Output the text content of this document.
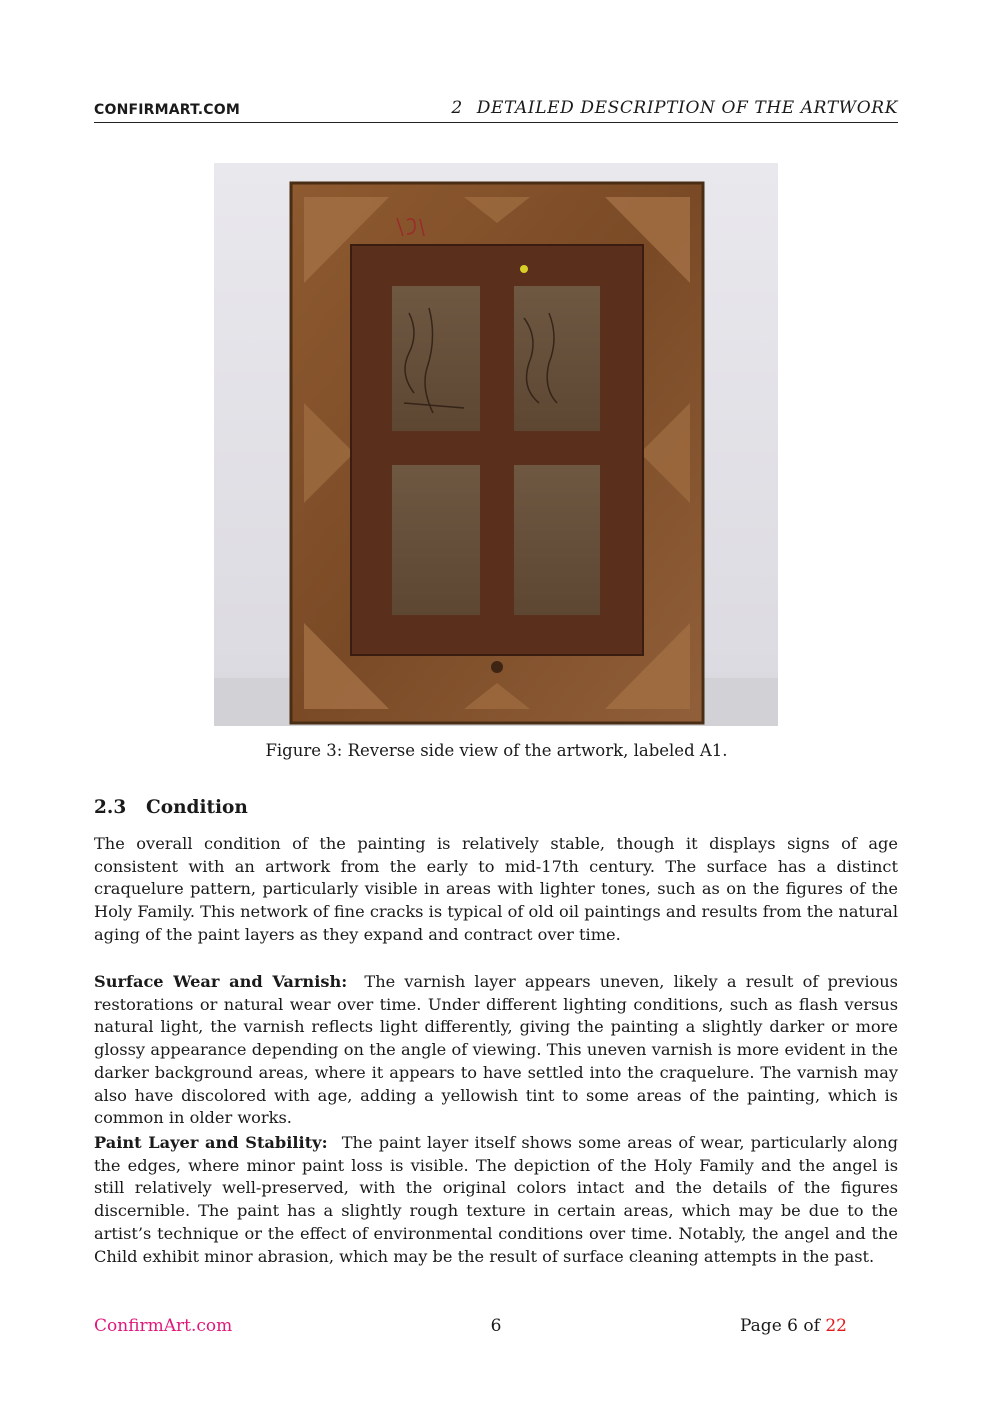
CONFIRMART.COM	2 DETAILED DESCRIPTION OF THE ARTWORK
Figure 3: Reverse side view of the artwork, labeled A1.
2.3 Condition

The overall condition of the painting is relatively stable, though it displays signs of age consistent with an artwork from the early to mid-17th century. The surface has a distinct craquelure pattern, particularly visible in areas with lighter tones, such as on the figures of the Holy Family. This network of fine cracks is typical of old oil paintings and results from the natural aging of the paint layers as they expand and contract over time.

Surface Wear and Varnish: The varnish layer appears uneven, likely a result of previous restorations or natural wear over time. Under different lighting conditions, such as flash versus natural light, the varnish reflects light differently, giving the painting a slightly darker or more glossy appearance depending on the angle of viewing. This uneven varnish is more evident in the darker background areas, where it appears to have settled into the craquelure. The varnish may also have discolored with age, adding a yellowish tint to some areas of the painting, which is common in older works.

Paint Layer and Stability: The paint layer itself shows some areas of wear, particularly along the edges, where minor paint loss is visible. The depiction of the Holy Family and the angel is still relatively well-preserved, with the original colors intact and the details of the figures discernible. The paint has a slightly rough texture in certain areas, which may be due to the artist’s technique or the effect of environmental conditions over time. Notably, the angel and the Child exhibit minor abrasion, which may be the result of surface cleaning attempts in the past.

ConfirmArt.com	6	Page 6 of 22
